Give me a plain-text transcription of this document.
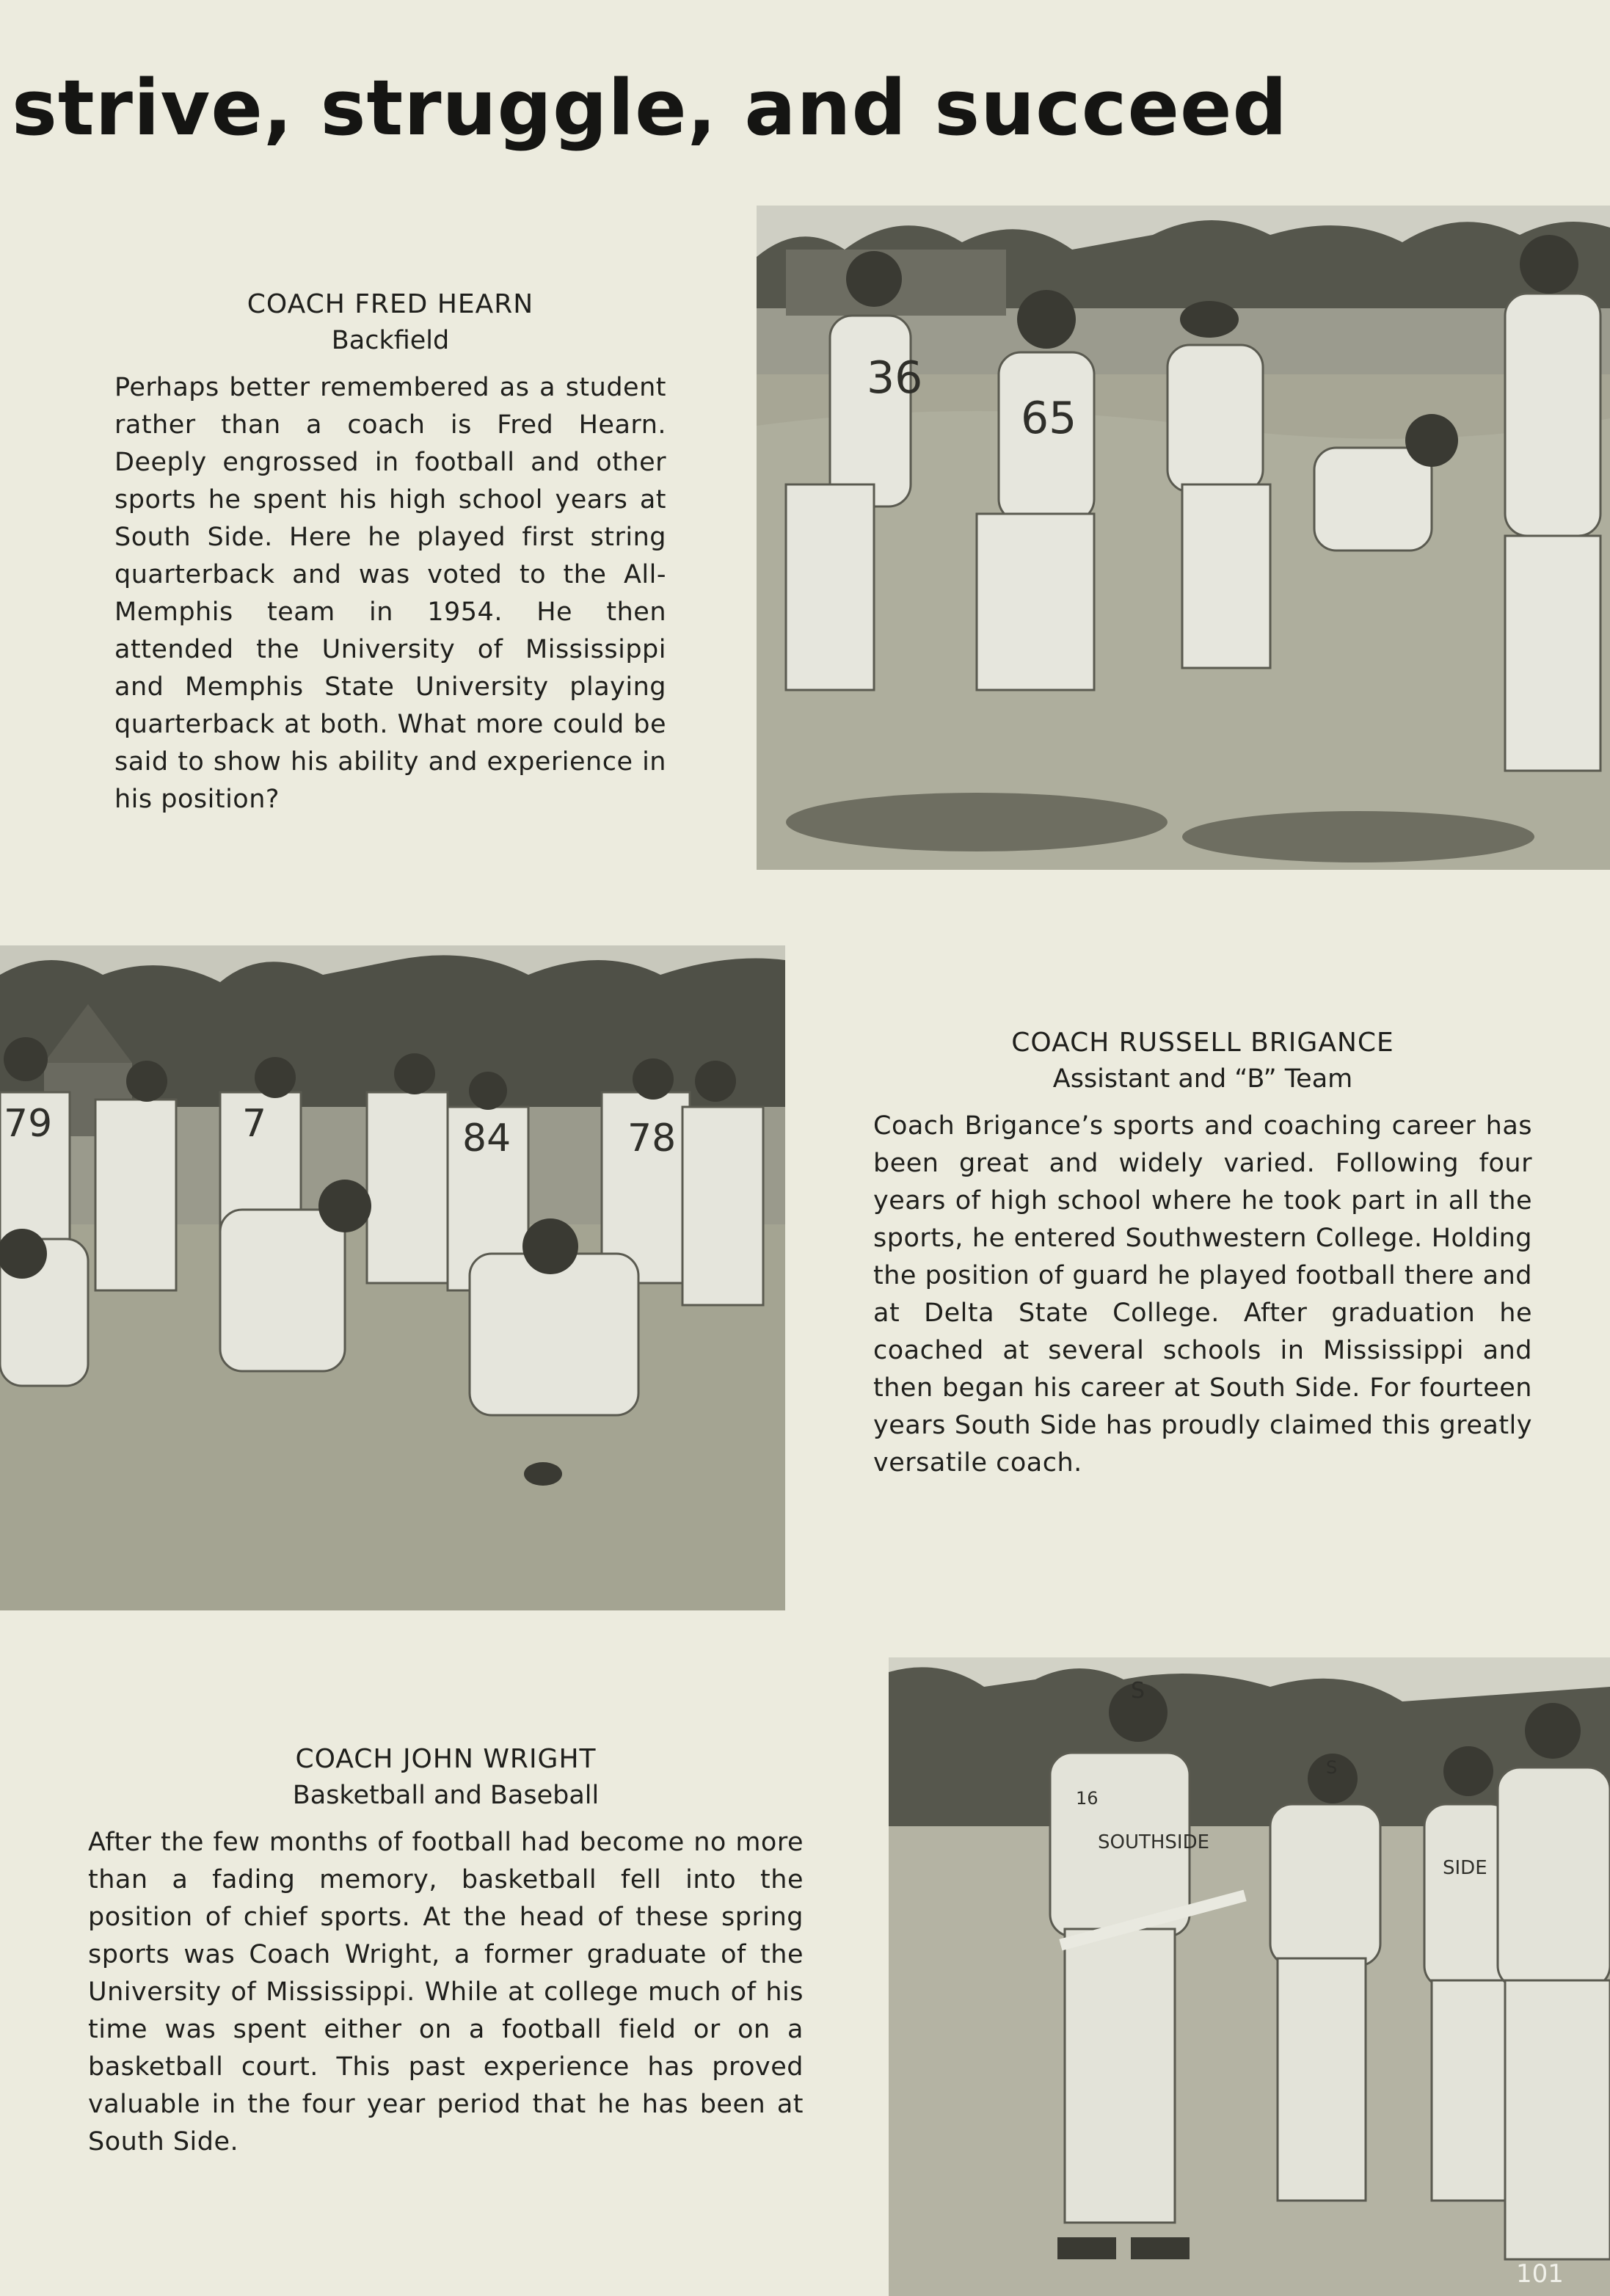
strive, struggle, and succeed
36
65
COACH FRED HEARN
Backfield
Perhaps better remembered as a student rather than a coach is Fred Hearn. Deeply engrossed in football and other sports he spent his high school years at South Side. Here he played first string quarterback and was voted to the All-Memphis team in 1954. He then attended the University of Mississippi and Memphis State University playing quarterback at both. What more could be said to show his ability and experience in his position?
79	7	84	78
COACH RUSSELL BRIGANCE
Assistant and “B” Team
Coach Brigance’s sports and coaching career has been great and widely varied. Following four years of high school where he took part in all the sports, he entered Southwestern College. Holding the position of guard he played football there and at Delta State College. After graduation he coached at several schools in Mississippi and then began his career at South Side. For fourteen years South Side has proudly claimed this greatly versatile coach.
COACH JOHN WRIGHT
Basketball and Baseball
After the few months of football had become no more than a fading memory, basketball fell into the position of chief sports. At the head of these spring sports was Coach Wright, a former graduate of the University of Mississippi. While at college much of his time was spent either on a football field or on a basketball court. This past experience has proved valuable in the four year period that he has been at South Side.
S
16
SOUTHSIDE
S
SIDE
101
